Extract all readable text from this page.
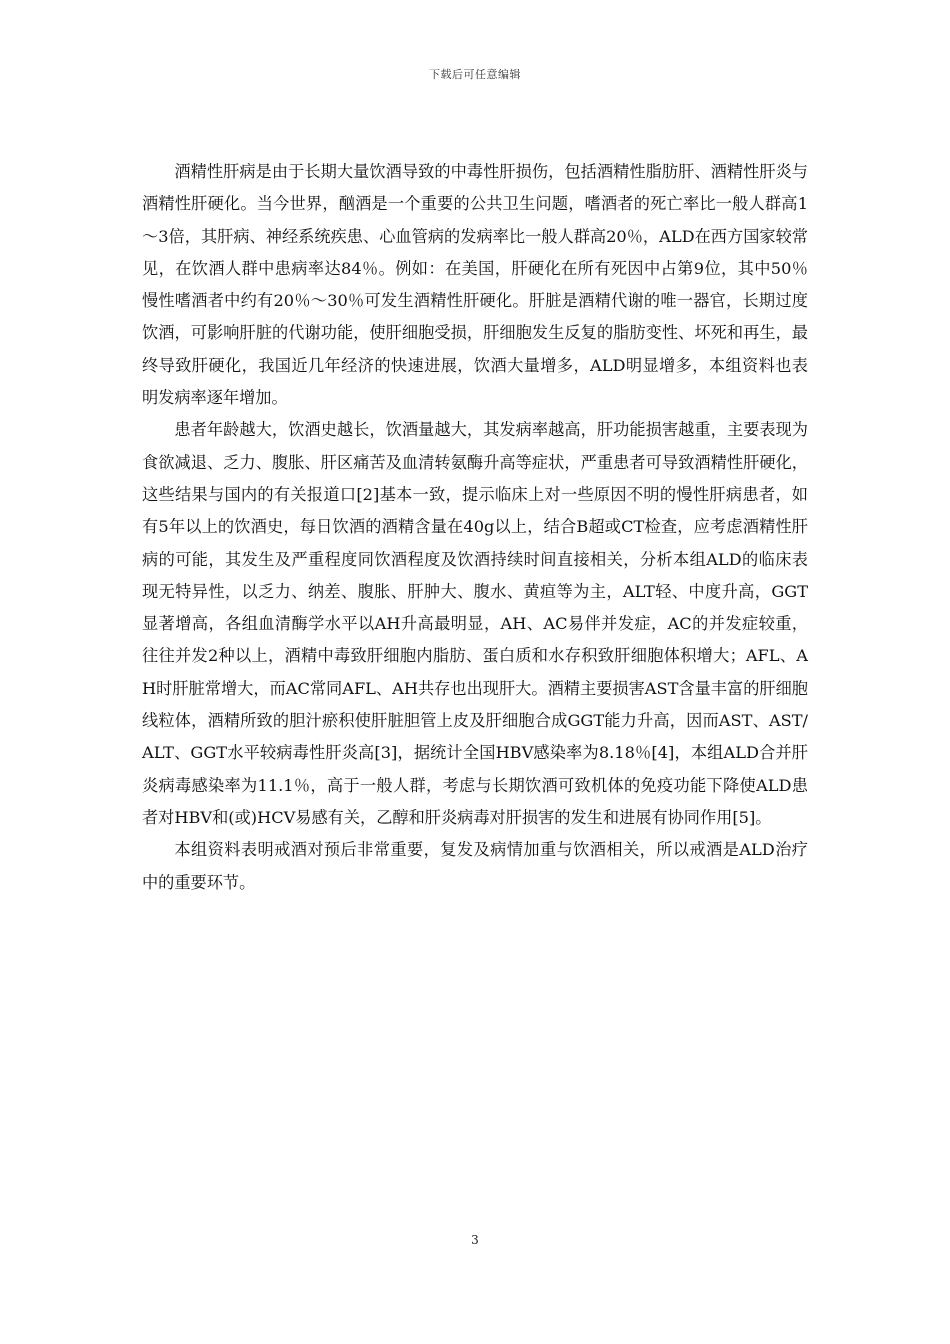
下载后可任意编辑

酒精性肝病是由于长期大量饮酒导致的中毒性肝损伤，包括酒精性脂肪肝、酒精性肝炎与酒精性肝硬化。当今世界，酗酒是一个重要的公共卫生问题，嗜酒者的死亡率比一般人群高1～3倍，其肝病、神经系统疾患、心血管病的发病率比一般人群高20％，ALD在西方国家较常见，在饮酒人群中患病率达84％。例如：在美国，肝硬化在所有死因中占第9位，其中50％慢性嗜酒者中约有20％～30％可发生酒精性肝硬化。肝脏是酒精代谢的唯一器官，长期过度饮酒，可影响肝脏的代谢功能，使肝细胞受损，肝细胞发生反复的脂肪变性、坏死和再生，最终导致肝硬化，我国近几年经济的快速进展，饮酒大量增多，ALD明显增多，本组资料也表明发病率逐年增加。

患者年龄越大，饮酒史越长，饮酒量越大，其发病率越高，肝功能损害越重，主要表现为食欲减退、乏力、腹胀、肝区痛苦及血清转氨酶升高等症状，严重患者可导致酒精性肝硬化，这些结果与国内的有关报道口[2]基本一致，提示临床上对一些原因不明的慢性肝病患者，如有5年以上的饮酒史，每日饮酒的酒精含量在40g以上，结合B超或CT检查，应考虑酒精性肝病的可能，其发生及严重程度同饮酒程度及饮酒持续时间直接相关，分析本组ALD的临床表现无特异性，以乏力、纳差、腹胀、肝肿大、腹水、黄疸等为主，ALT轻、中度升高，GGT显著增高，各组血清酶学水平以AH升高最明显，AH、AC易伴并发症，AC的并发症较重，往往并发2种以上，酒精中毒致肝细胞内脂肪、蛋白质和水存积致肝细胞体积增大；AFL、AH时肝脏常增大，而AC常同AFL、AH共存也出现肝大。酒精主要损害AST含量丰富的肝细胞线粒体，酒精所致的胆汁瘀积使肝脏胆管上皮及肝细胞合成GGT能力升高，因而AST、AST/ALT、GGT水平较病毒性肝炎高[3]，据统计全国HBV感染率为8.18％[4]，本组ALD合并肝炎病毒感染率为11.1％，高于一般人群，考虑与长期饮酒可致机体的免疫功能下降使ALD患者对HBV和(或)HCV易感有关，乙醇和肝炎病毒对肝损害的发生和进展有协同作用[5]。

本组资料表明戒酒对预后非常重要，复发及病情加重与饮酒相关，所以戒酒是ALD治疗中的重要环节。

3
